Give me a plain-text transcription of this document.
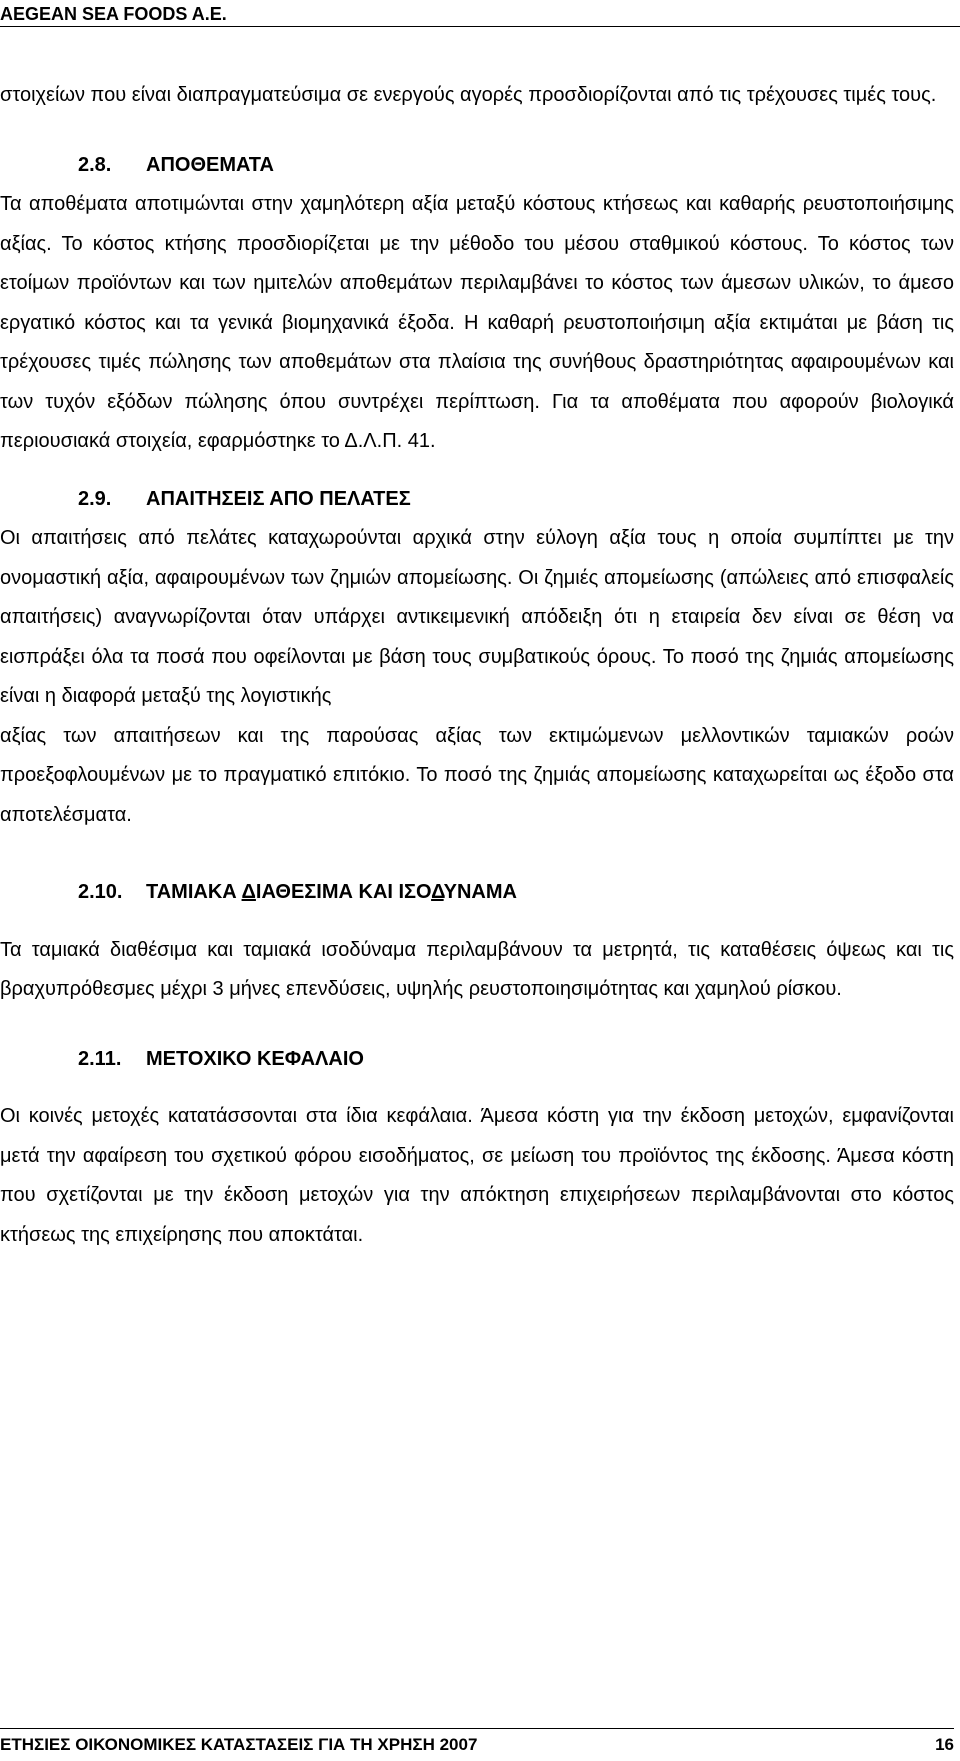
AEGEAN SEA FOODS A.E.

στοιχείων που είναι διαπραγματεύσιμα σε ενεργούς αγορές προσδιορίζονται από τις τρέχουσες τιμές τους.

2.8. ΑΠΟΘΕΜΑΤΑ

Τα αποθέματα αποτιμώνται στην χαμηλότερη αξία μεταξύ κόστους κτήσεως και καθαρής ρευστοποιήσιμης αξίας. Το κόστος κτήσης προσδιορίζεται με την μέθοδο του μέσου σταθμικού κόστους. Το κόστος των ετοίμων προϊόντων και των ημιτελών αποθεμάτων περιλαμβάνει το κόστος των άμεσων υλικών, το άμεσο εργατικό κόστος και τα γενικά βιομηχανικά έξοδα. Η καθαρή ρευστοποιήσιμη αξία εκτιμάται με βάση τις τρέχουσες τιμές πώλησης των αποθεμάτων στα πλαίσια της συνήθους δραστηριότητας αφαιρουμένων και των τυχόν εξόδων πώλησης όπου συντρέχει περίπτωση. Για τα αποθέματα που αφορούν βιολογικά περιουσιακά στοιχεία, εφαρμόστηκε το Δ.Λ.Π. 41.

2.9. ΑΠΑΙΤΗΣΕΙΣ ΑΠΟ ΠΕΛΑΤΕΣ

Οι απαιτήσεις από πελάτες καταχωρούνται αρχικά στην εύλογη αξία τους η οποία συμπίπτει με την ονομαστική αξία, αφαιρουμένων των ζημιών απομείωσης. Οι ζημιές απομείωσης (απώλειες από επισφαλείς απαιτήσεις) αναγνωρίζονται όταν υπάρχει αντικειμενική απόδειξη ότι η εταιρεία δεν είναι σε θέση να εισπράξει όλα τα ποσά που οφείλονται με βάση τους συμβατικούς όρους. Το ποσό της ζημιάς απομείωσης είναι η διαφορά μεταξύ της λογιστικής

αξίας των απαιτήσεων και της παρούσας αξίας των εκτιμώμενων μελλοντικών ταμιακών ροών προεξοφλουμένων με το πραγματικό επιτόκιο. Το ποσό της ζημιάς απομείωσης καταχωρείται ως έξοδο στα αποτελέσματα.

2.10. ΤΑΜΙΑΚΑ ΔΙΑΘΕΣΙΜΑ ΚΑΙ ΙΣΟΔΥΝΑΜΑ

Τα ταμιακά διαθέσιμα και ταμιακά ισοδύναμα περιλαμβάνουν τα μετρητά, τις καταθέσεις όψεως και τις βραχυπρόθεσμες μέχρι 3 μήνες επενδύσεις, υψηλής ρευστοποιησιμότητας και χαμηλού ρίσκου.

2.11. ΜΕΤΟΧΙΚΟ ΚΕΦΑΛΑΙΟ

Οι κοινές μετοχές κατατάσσονται στα ίδια κεφάλαια. Άμεσα κόστη για την έκδοση μετοχών, εμφανίζονται μετά την αφαίρεση του σχετικού φόρου εισοδήματος, σε μείωση του προϊόντος της έκδοσης. Άμεσα κόστη που σχετίζονται με την έκδοση μετοχών για την απόκτηση επιχειρήσεων περιλαμβάνονται στο κόστος κτήσεως της επιχείρησης που αποκτάται.

ΕΤΗΣΙΕΣ ΟΙΚΟΝΟΜΙΚΕΣ ΚΑΤΑΣΤΑΣΕΙΣ ΓΙΑ ΤΗ ΧΡΗΣΗ 2007	16
